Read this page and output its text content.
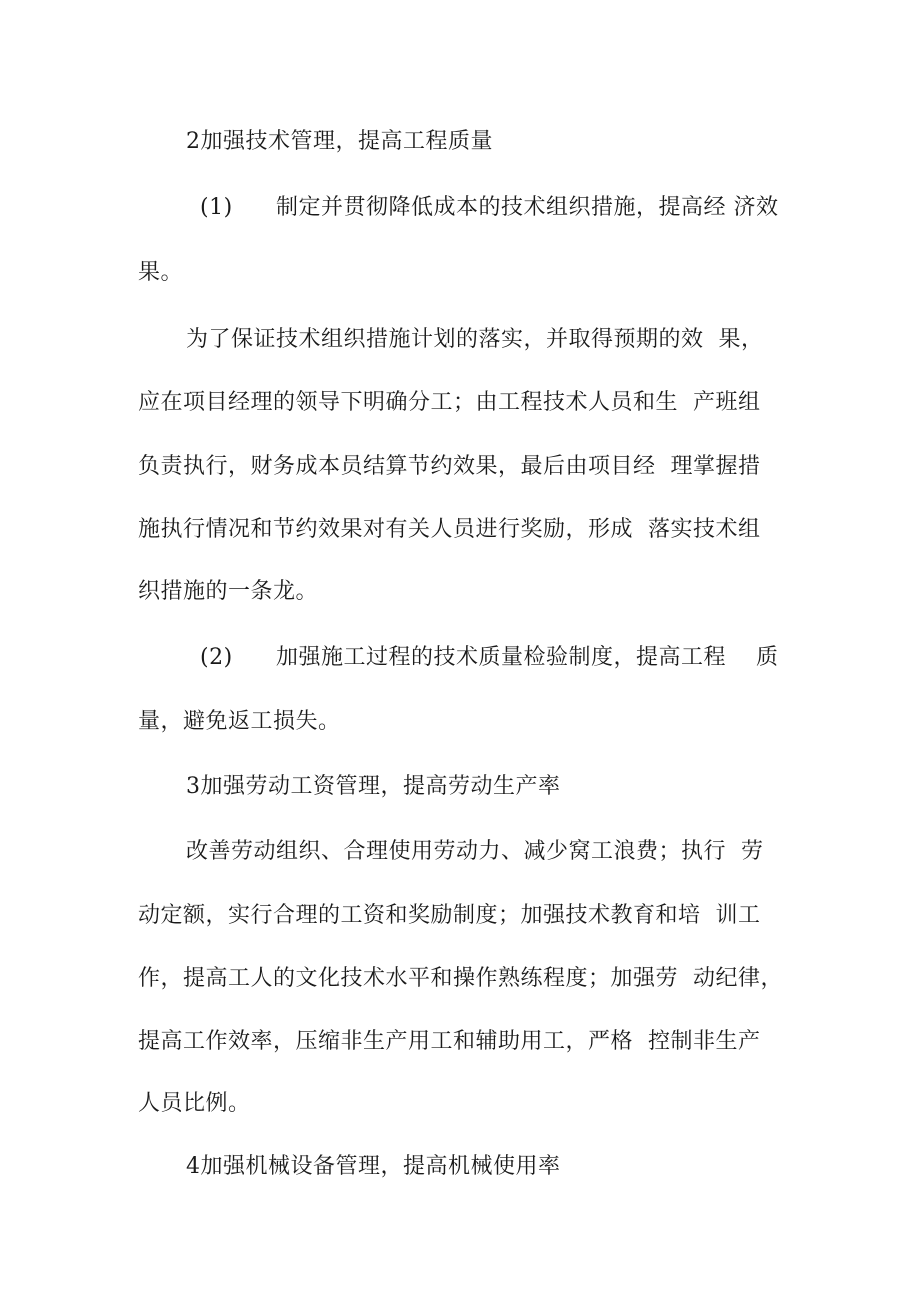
2加强技术管理，提高工程质量
(1) 制定并贯彻降低成本的技术组织措施，提高经 济效
果。
为了保证技术组织措施计划的落实，并取得预期的效  果，
应在项目经理的领导下明确分工；由工程技术人员和生  产班组
负责执行，财务成本员结算节约效果，最后由项目经  理掌握措
施执行情况和节约效果对有关人员进行奖励，形成  落实技术组
织措施的一条龙。
(2) 加强施工过程的技术质量检验制度，提高工程    质
量，避免返工损失。
3加强劳动工资管理，提高劳动生产率
改善劳动组织、合理使用劳动力、减少窝工浪费；执行  劳
动定额，实行合理的工资和奖励制度；加强技术教育和培  训工
作，提高工人的文化技术水平和操作熟练程度；加强劳  动纪律，
提高工作效率，压缩非生产用工和辅助用工，严格  控制非生产
人员比例。
4加强机械设备管理，提高机械使用率
